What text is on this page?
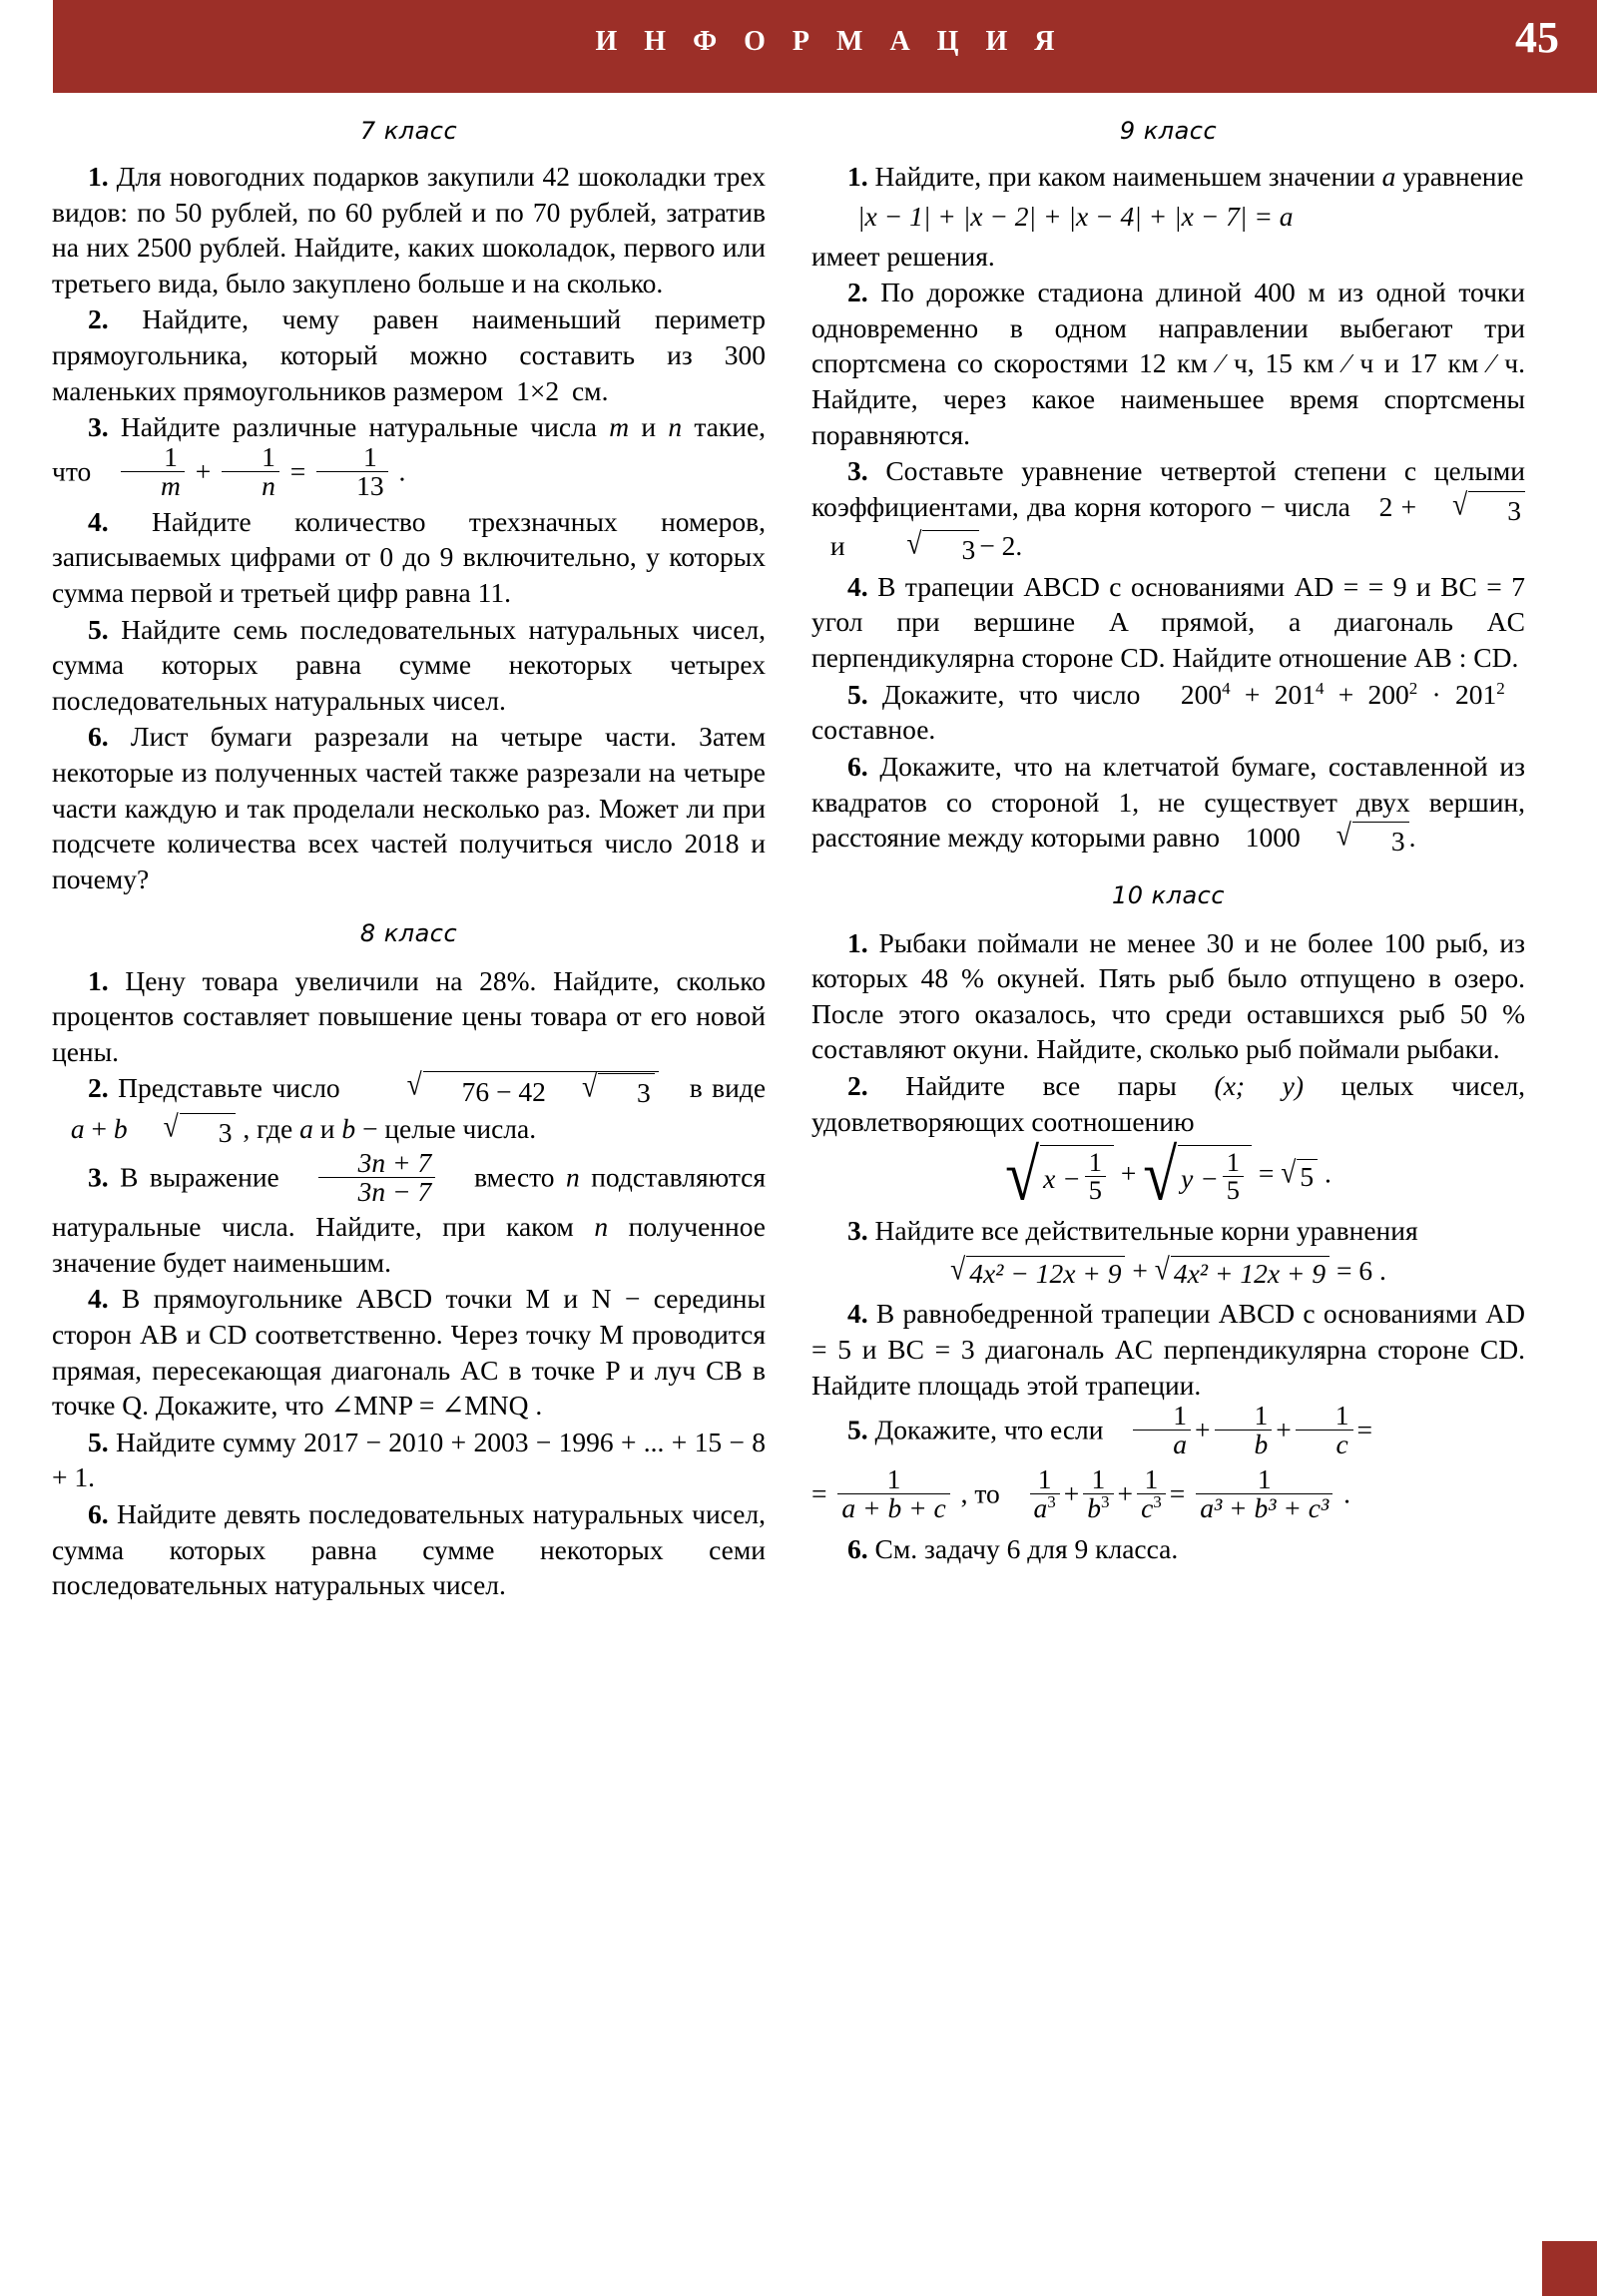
И Н Ф О Р М А Ц И Я	45
7 класс

1. Для новогодних подарков закупили 42 шоколадки трех видов: по 50 рублей, по 60 рублей и по 70 рублей, затратив на них 2500 рублей. Найдите, каких шоколадок, первого или третьего вида, было закуплено больше и на сколько.

2. Найдите, чему равен наименьший периметр прямоугольника, который можно составить из 300 маленьких прямоугольников размером 1×2 см.

3. Найдите различные натуральные числа m и n такие, что $\frac{1}{m} + \frac{1}{n} = \frac{1}{13}$ .

4. Найдите количество трехзначных номеров, записываемых цифрами от 0 до 9 включительно, у которых сумма первой и третьей цифр равна 11.

5. Найдите семь последовательных натуральных чисел, сумма которых равна сумме некоторых четырех последовательных натуральных чисел.

6. Лист бумаги разрезали на четыре части. Затем некоторые из полученных частей также разрезали на четыре части каждую и так проделали несколько раз. Может ли при подсчете количества всех частей получиться число 2018 и почему?

8 класс

1. Цену товара увеличили на 28%. Найдите, сколько процентов составляет повышение цены товара от его новой цены.

2. Представьте число	√	76 − 42	√	3 в виде  a + b	√	3 , где a и b − целые числа.

3. В выражение $\frac{3n + 7}{3n - 7}$ вместо n подставляются натуральные числа. Найдите, при каком n полученное значение будет наименьшим.

4. В прямоугольнике ABCD точки M и N − середины сторон AB и CD соответственно. Через точку M проводится прямая, пересекающая диагональ AC в точке P и луч CB в точке Q. Докажите, что ∠MNP = ∠MNQ .

5. Найдите сумму 2017 − 2010 + 2003 − 1996 + ... + 15 − 8 + 1.

6. Найдите девять последовательных натуральных чисел, сумма которых равна сумме некоторых семи последовательных натуральных чисел.

9 класс

1. Найдите, при каком наименьшем значении a уравнение

|x − 1| + |x − 2| + |x − 4| + |x − 7| = a

имеет решения.

2. По дорожке стадиона длиной 400 м из одной точки одновременно в одном направлении выбегают три спортсмена со скоростями 12 км ∕ ч, 15 км ∕ ч и 17 км ∕ ч. Найдите, через какое наименьшее время спортсмены поравняются.

3. Составьте уравнение четвертой степени с целыми коэффициентами, два корня которого − числа 2 +	√	3
и	√	3 − 2.

4. В трапеции ABCD с основаниями AD = = 9 и BC = 7 угол при вершине A прямой, а диагональ AC перпендикулярна стороне CD. Найдите отношение AB : CD.

5. Докажите, что число $200^4 + 201^4 + 200^2 \cdot 201^2$  составное.

6. Докажите, что на клетчатой бумаге, составленной из квадратов со стороной 1, не существует двух вершин, расстояние между которыми равно 1000	√	3 .

10 класс

1. Рыбаки поймали не менее 30 и не более 100 рыб, из которых 48 % окуней. Пять рыб было отпущено в озеро. После этого оказалось, что среди оставшихся рыб 50 % составляют окуни. Найдите, сколько рыб поймали рыбаки.

2. Найдите все пары (x; y) целых чисел, удовлетворяющих соотношению

√ $x - \frac{1}{5}$ + √ $y - \frac{1}{5}$ = √ 5 .

3. Найдите все действительные корни уравнения

√ 4x² − 12x + 9 + √ 4x² + 12x + 9 = 6 .

4. В равнобедренной трапеции ABCD с основаниями AD = 5 и BC = 3 диагональ AC перпендикулярна стороне CD. Найдите площадь этой трапеции.

5. Докажите, что если $\frac{1}{a} + \frac{1}{b} + \frac{1}{c}$ =

= $\frac{1}{a + b + c}$ , то $\frac{1}{a^3} + \frac{1}{b^3} + \frac{1}{c^3} = \frac{1}{\text{a³ + b³ + c³}}$ .

6. См. задачу 6 для 9 класса.
